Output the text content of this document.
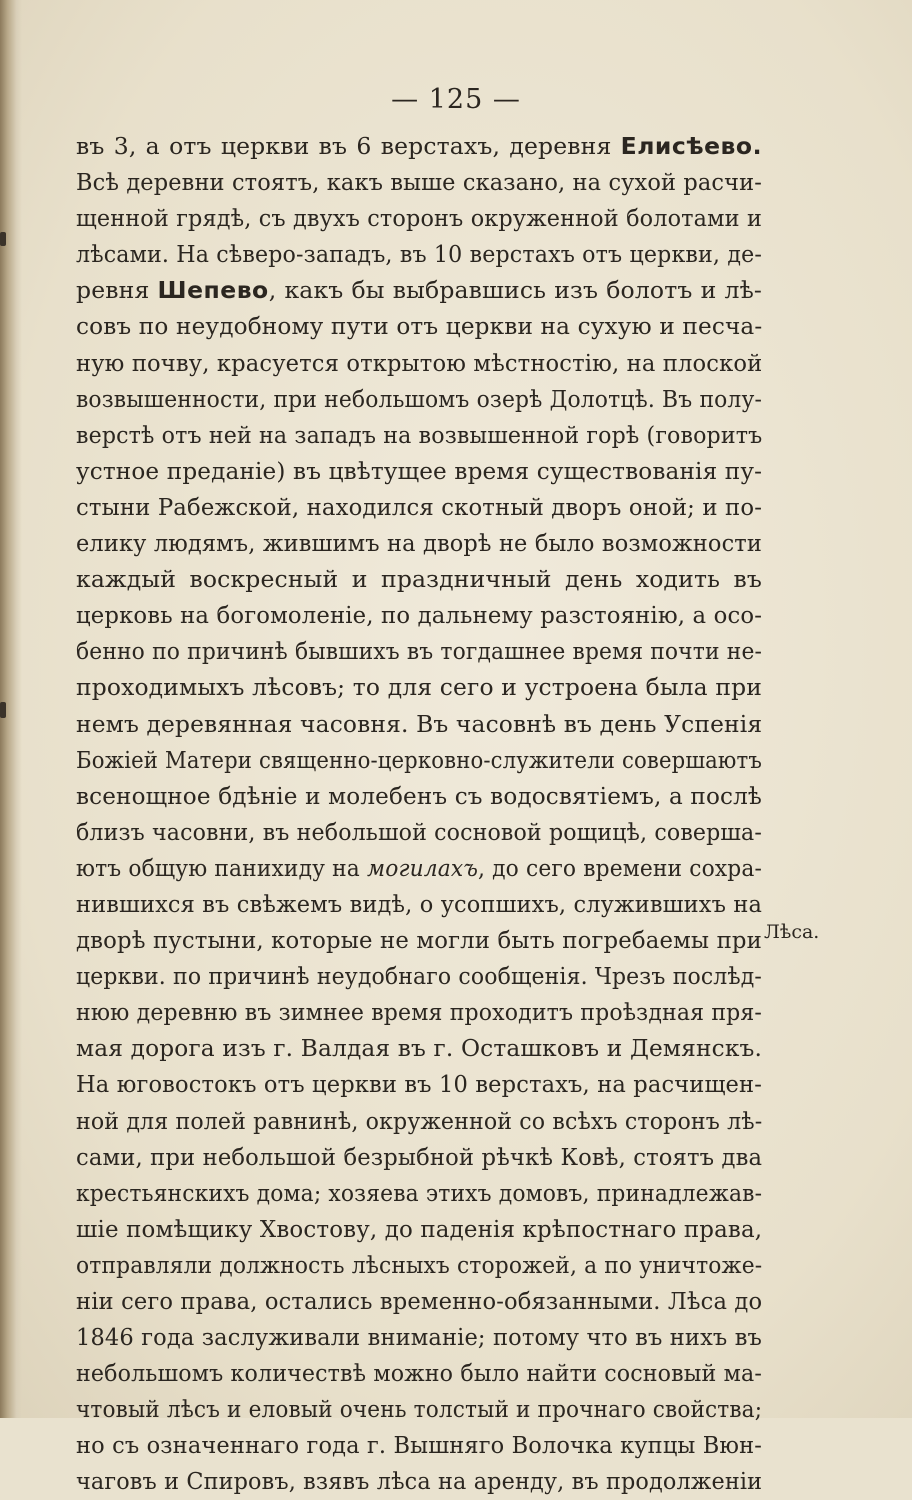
— 125 —
въ 3, а отъ церкви въ 6 верстахъ, деревня Елисѣево.
Всѣ деревни стоятъ, какъ выше сказано, на сухой расчи-
щенной грядѣ, съ двухъ сторонъ окруженной болотами и
лѣсами. На сѣверо-западъ, въ 10 верстахъ отъ церкви, де-
ревня Шепево, какъ бы выбравшись изъ болотъ и лѣ-
совъ по неудобному пути отъ церкви на сухую и песча-
ную почву, красуется открытою мѣстностію, на плоской
возвышенности, при небольшомъ озерѣ Долотцѣ. Въ полу-
верстѣ отъ ней на западъ на возвышенной горѣ (говоритъ
устное преданіе) въ цвѣтущее время существованія пу-
стыни Рабежской, находился скотный дворъ оной; и по-
елику людямъ, жившимъ на дворѣ не было возможности
каждый воскресный и праздничный день ходить въ
церковь на богомоленіе, по дальнему разстоянію, а осо-
бенно по причинѣ бывшихъ въ тогдашнее время почти не-
проходимыхъ лѣсовъ; то для сего и устроена была при
немъ деревянная часовня. Въ часовнѣ въ день Успенія
Божіей Матери священно-церковно-служители совершаютъ
всенощное бдѣніе и молебенъ съ водосвятіемъ, а послѣ
близъ часовни, въ небольшой сосновой рощицѣ, соверша-
ютъ общую панихиду на могилахъ, до сего времени сохра-
нившихся въ свѣжемъ видѣ, о усопшихъ, служившихъ на
дворѣ пустыни, которые не могли быть погребаемы при
церкви. по причинѣ неудобнаго сообщенія. Чрезъ послѣд-
нюю деревню въ зимнее время проходитъ проѣздная пря-
мая дорога изъ г. Валдая въ г. Осташковъ и Демянскъ.
На юговостокъ отъ церкви въ 10 верстахъ, на расчищен-
ной для полей равнинѣ, окруженной со всѣхъ сторонъ лѣ-
сами, при небольшой безрыбной рѣчкѣ Ковѣ, стоятъ два
крестьянскихъ дома; хозяева этихъ домовъ, принадлежав-
шіе помѣщику Хвостову, до паденія крѣпостнаго права,
отправляли должность лѣсныхъ сторожей, а по уничтоже-
ніи сего права, остались временно-обязанными. Лѣса до
1846 года заслуживали вниманіе; потому что въ нихъ въ
небольшомъ количествѣ можно было найти сосновый ма-
чтовый лѣсъ и еловый очень толстый и прочнаго свойства;
но съ означеннаго года г. Вышняго Волочка купцы Вюн-
чаговъ и Спировъ, взявъ лѣса на аренду, въ продолженіи
Лѣса.
